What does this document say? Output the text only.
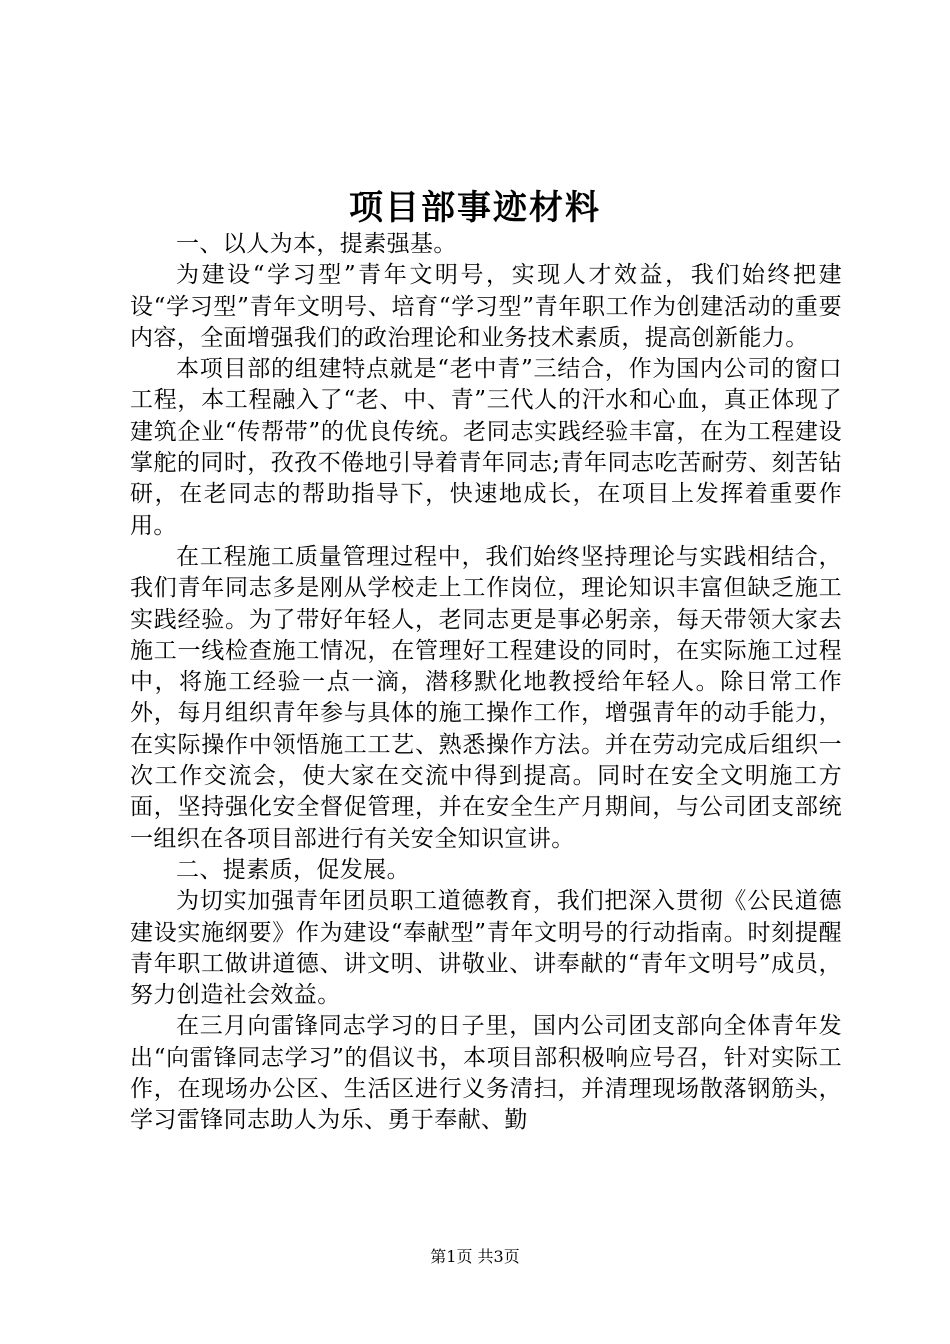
项目部事迹材料

一、以人为本，提素强基。

为建设“学习型”青年文明号，实现人才效益，我们始终把建设“学习型”青年文明号、培育“学习型”青年职工作为创建活动的重要内容，全面增强我们的政治理论和业务技术素质，提高创新能力。

本项目部的组建特点就是“老中青”三结合，作为国内公司的窗口工程，本工程融入了“老、中、青”三代人的汗水和心血，真正体现了建筑企业“传帮带”的优良传统。老同志实践经验丰富，在为工程建设掌舵的同时，孜孜不倦地引导着青年同志;青年同志吃苦耐劳、刻苦钻研，在老同志的帮助指导下，快速地成长，在项目上发挥着重要作用。

在工程施工质量管理过程中，我们始终坚持理论与实践相结合，我们青年同志多是刚从学校走上工作岗位，理论知识丰富但缺乏施工实践经验。为了带好年轻人，老同志更是事必躬亲，每天带领大家去施工一线检查施工情况，在管理好工程建设的同时，在实际施工过程中，将施工经验一点一滴，潜移默化地教授给年轻人。除日常工作外，每月组织青年参与具体的施工操作工作，增强青年的动手能力，在实际操作中领悟施工工艺、熟悉操作方法。并在劳动完成后组织一次工作交流会，使大家在交流中得到提高。同时在安全文明施工方面，坚持强化安全督促管理，并在安全生产月期间，与公司团支部统一组织在各项目部进行有关安全知识宣讲。

二、提素质，促发展。

为切实加强青年团员职工道德教育，我们把深入贯彻《公民道德建设实施纲要》作为建设“奉献型”青年文明号的行动指南。时刻提醒青年职工做讲道德、讲文明、讲敬业、讲奉献的“青年文明号”成员，努力创造社会效益。

在三月向雷锋同志学习的日子里，国内公司团支部向全体青年发出“向雷锋同志学习”的倡议书，本项目部积极响应号召，针对实际工作，在现场办公区、生活区进行义务清扫，并清理现场散落钢筋头，学习雷锋同志助人为乐、勇于奉献、勤

第1页 共3页
